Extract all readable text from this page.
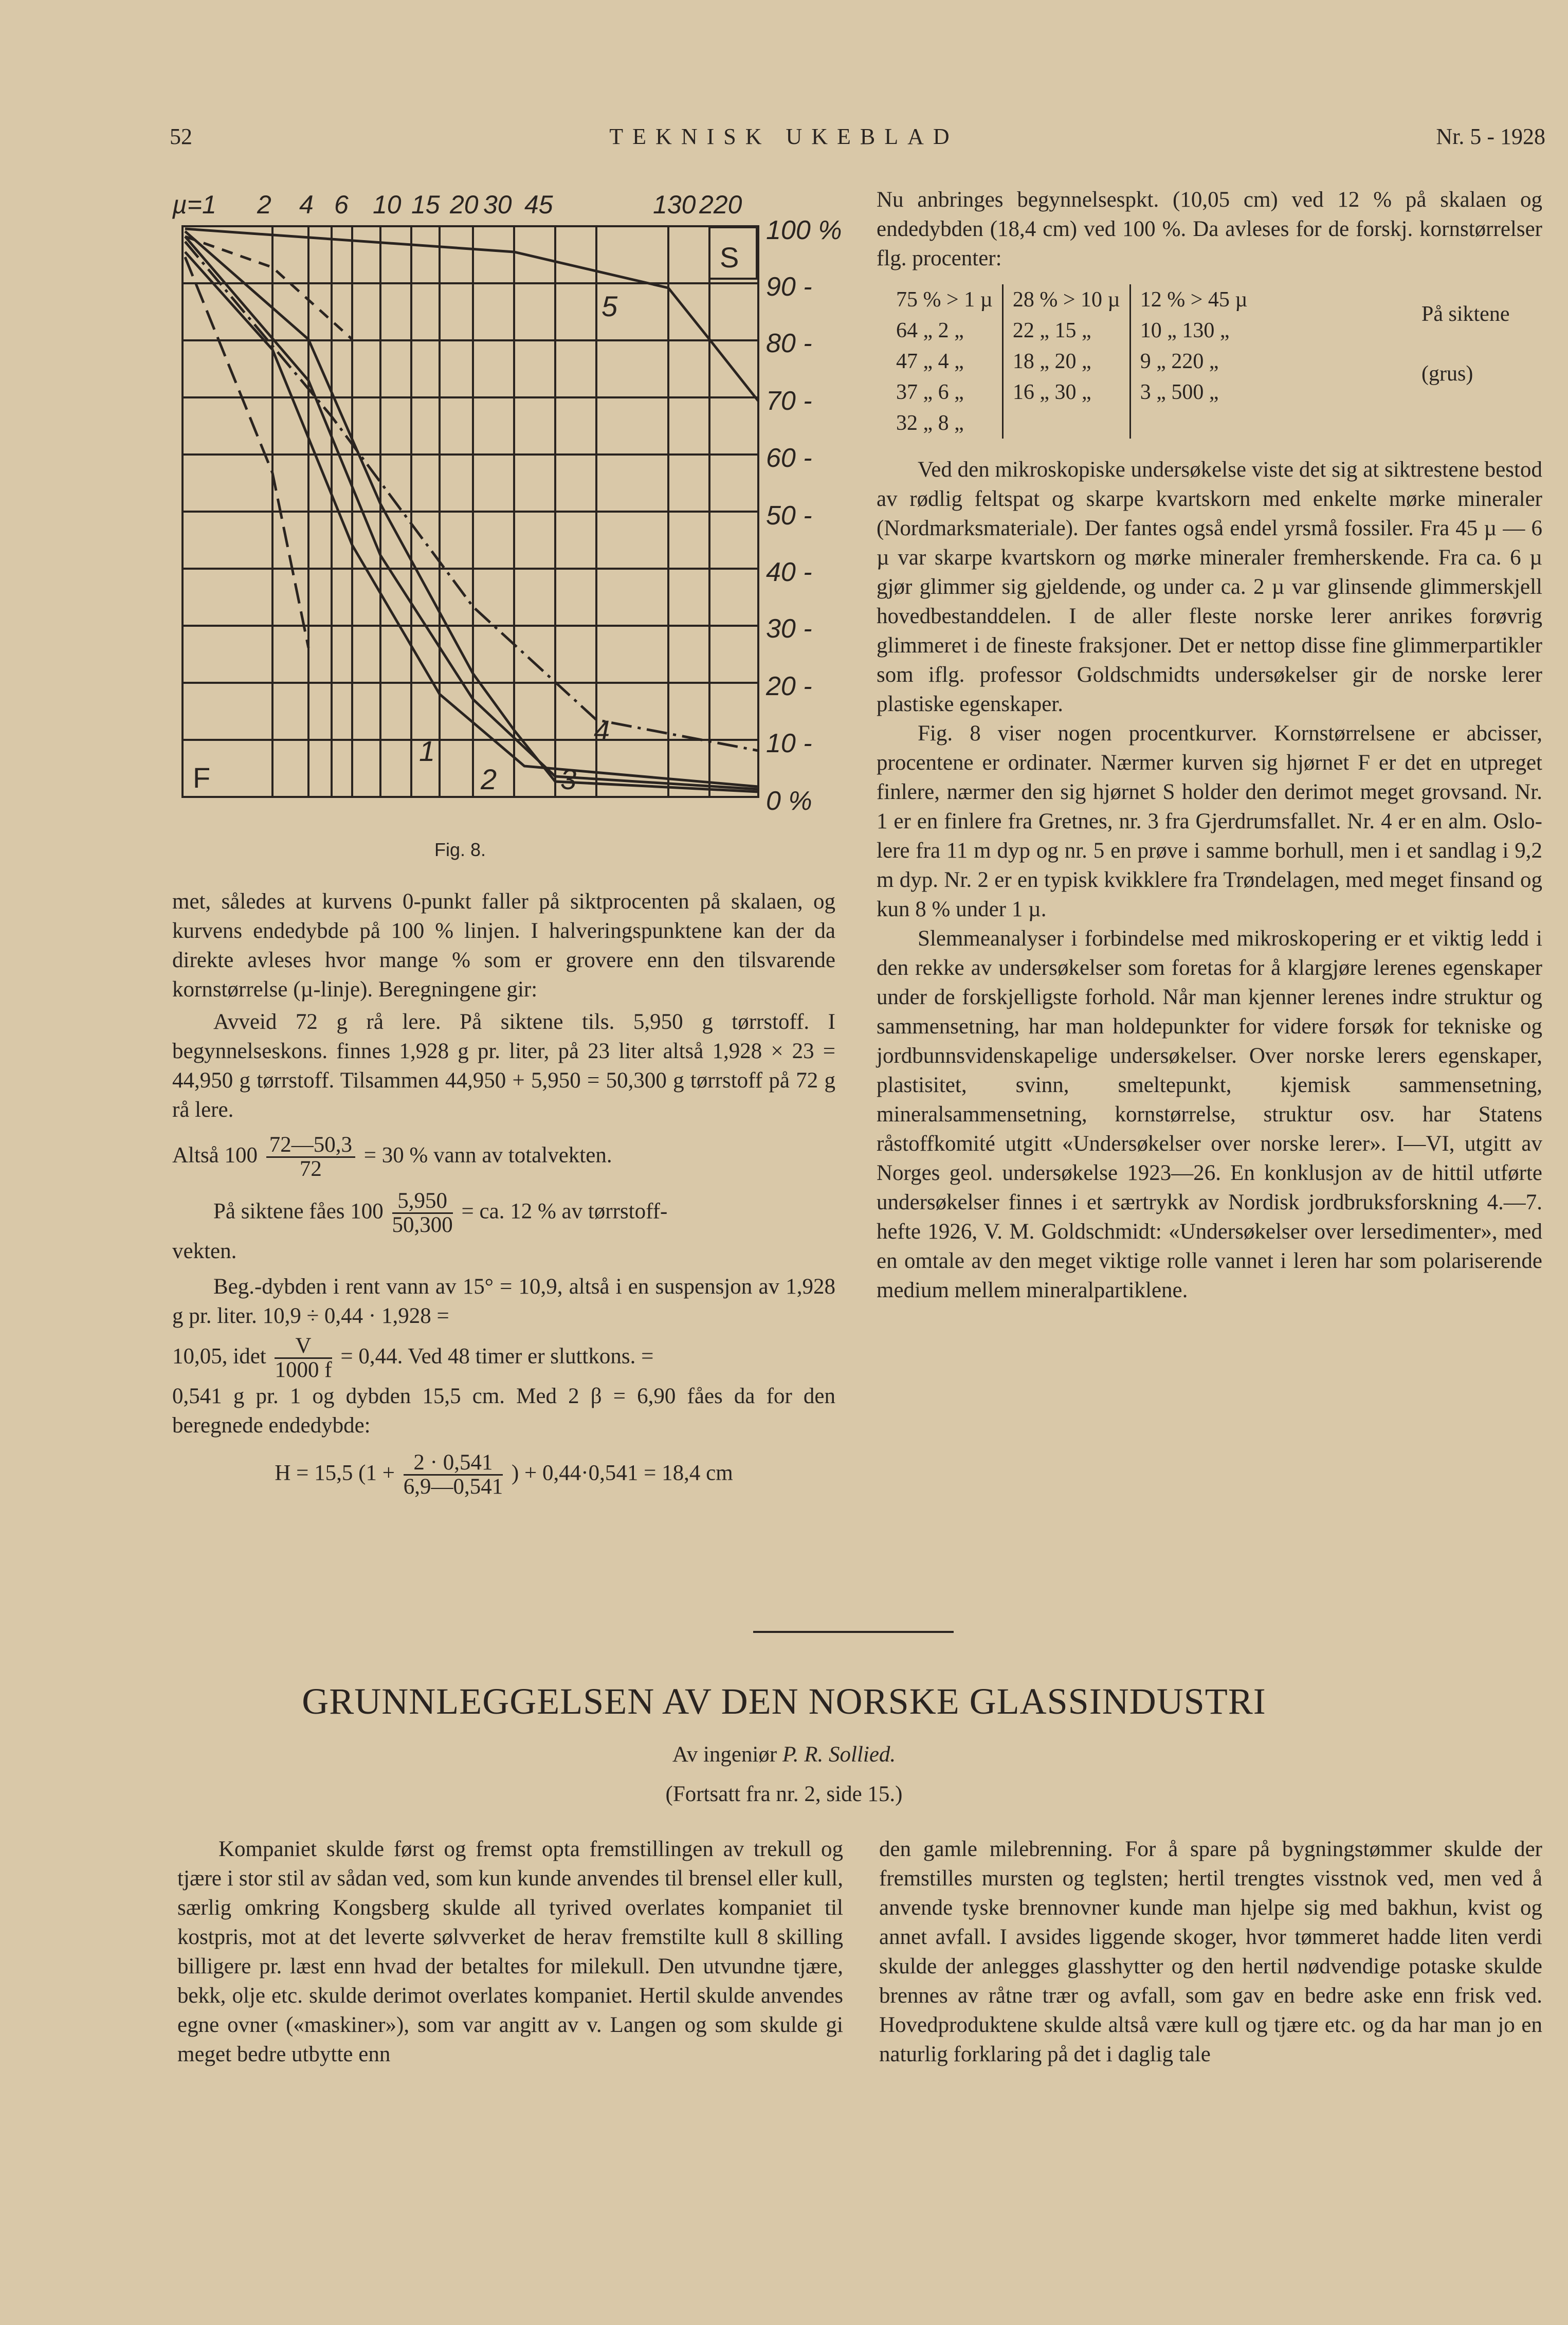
52	TEKNISK UKEBLAD	Nr. 5 - 1928
µ=1 2 4 6 10 15 20 30 45	130 220
S
F
1
2 3
4
5
100 %
90 -
80 -
70 -
60 -
50 -
40 -
30 -
20 -
10 -
0 %
Fig. 8.

met, således at kurvens 0-punkt faller på siktprocenten på skalaen, og kurvens endedybde på 100 % linjen. I halveringspunktene kan der da direkte avleses hvor mange % som er grovere enn den tilsvarende kornstørrelse (µ-linje). Beregningene gir:

Avveid 72 g rå lere. På siktene tils. 5,950 g tørrstoff. I begynnelseskons. finnes 1,928 g pr. liter, på 23 liter altså 1,928 × 23 = 44,950 g tørrstoff. Tilsammen 44,950 + 5,950 = 50,300 g tørrstoff på 72 g rå lere.

Altså $100 \frac{72—50,3}{72} = 30$ % vann av totalvekten.
På siktene fåes $100 \frac{5,950}{50,300}$ = ca. 12 % av tørrstoff-

vekten.

Beg.-dybden i rent vann av 15° = 10,9, altså i en suspensjon av 1,928 g pr. liter. 10,9 ÷ 0,44 · 1,928 =

10,05, idet $\frac{V}{1000 f} = 0,44$. Ved 48 timer er sluttkons. =

0,541 g pr. 1 og dybden 15,5 cm. Med 2 β = 6,90 fåes da for den beregnede endedybde:

H = 15,5 ($1 + \frac{2 \cdot 0,541}{6,9—0,541}$ ) + 0,44·0,541 = 18,4 cm

Nu anbringes begynnelsespkt. (10,05 cm) ved 12 % på skalaen og endedybden (18,4 cm) ved 100 %. Da avleses for de forskj. kornstørrelser flg. procenter:

75 % > 1 µ	28 % > 10 µ	12 % > 45 µ
64 „ 2 „	22 „ 15 „	10 „ 130 „
47 „ 4 „	18 „ 20 „	9 „ 220 „
37 „ 6 „	16 „ 30 „	3 „ 500 „
32 „ 8 „		
På siktene
(grus)

Ved den mikroskopiske undersøkelse viste det sig at siktrestene bestod av rødlig feltspat og skarpe kvartskorn med enkelte mørke mineraler (Nordmarksmateriale). Der fantes også endel yrsmå fossiler. Fra 45 µ — 6 µ var skarpe kvartskorn og mørke mineraler fremherskende. Fra ca. 6 µ gjør glimmer sig gjeldende, og under ca. 2 µ var glinsende glimmerskjell hovedbestanddelen. I de aller fleste norske lerer anrikes forøvrig glimmeret i de fineste fraksjoner. Det er nettop disse fine glimmerpartikler som iflg. professor Goldschmidts undersøkelser gir de norske lerer plastiske egenskaper.

Fig. 8 viser nogen procentkurver. Kornstørrelsene er abcisser, procentene er ordinater. Nærmer kurven sig hjørnet F er det en utpreget finlere, nærmer den sig hjørnet S holder den derimot meget grovsand. Nr. 1 er en finlere fra Gretnes, nr. 3 fra Gjerdrumsfallet. Nr. 4 er en alm. Oslo-lere fra 11 m dyp og nr. 5 en prøve i samme borhull, men i et sandlag i 9,2 m dyp. Nr. 2 er en typisk kvikklere fra Trøndelagen, med meget finsand og kun 8 % under 1 µ.

Slemmeanalyser i forbindelse med mikroskopering er et viktig ledd i den rekke av undersøkelser som foretas for å klargjøre lerenes egenskaper under de forskjelligste forhold. Når man kjenner lerenes indre struktur og sammensetning, har man holdepunkter for videre forsøk for tekniske og jordbunnsvidenskapelige undersøkelser. Over norske lerers egenskaper, plastisitet, svinn, smeltepunkt, kjemisk sammensetning, mineralsammensetning, kornstørrelse, struktur osv. har Statens råstoffkomité utgitt «Undersøkelser over norske lerer». I—VI, utgitt av Norges geol. undersøkelse 1923—26. En konklusjon av de hittil utførte undersøkelser finnes i et særtrykk av Nordisk jordbruksforskning 4.—7. hefte 1926, V. M. Goldschmidt: «Undersøkelser over lersedimenter», med en omtale av den meget viktige rolle vannet i leren har som polariserende medium mellem mineralpartiklene.

GRUNNLEGGELSEN AV DEN NORSKE GLASSINDUSTRI
Av ingeniør P. R. Sollied.
(Fortsatt fra nr. 2, side 15.)

Kompaniet skulde først og fremst opta fremstillingen av trekull og tjære i stor stil av sådan ved, som kun kunde anvendes til brensel eller kull, særlig omkring Kongsberg skulde all tyrived overlates kompaniet til kostpris, mot at det leverte sølvverket de herav fremstilte kull 8 skilling billigere pr. læst enn hvad der betaltes for milekull. Den utvundne tjære, bekk, olje etc. skulde derimot overlates kompaniet. Hertil skulde anvendes egne ovner («maskiner»), som var angitt av v. Langen og som skulde gi meget bedre utbytte enn

den gamle milebrenning. For å spare på bygningstømmer skulde der fremstilles mursten og teglsten; hertil trengtes visstnok ved, men ved å anvende tyske brennovner kunde man hjelpe sig med bakhun, kvist og annet avfall. I avsides liggende skoger, hvor tømmeret hadde liten verdi skulde der anlegges glasshytter og den hertil nødvendige potaske skulde brennes av råtne trær og avfall, som gav en bedre aske enn frisk ved. Hovedproduktene skulde altså være kull og tjære etc. og da har man jo en naturlig forklaring på det i daglig tale
